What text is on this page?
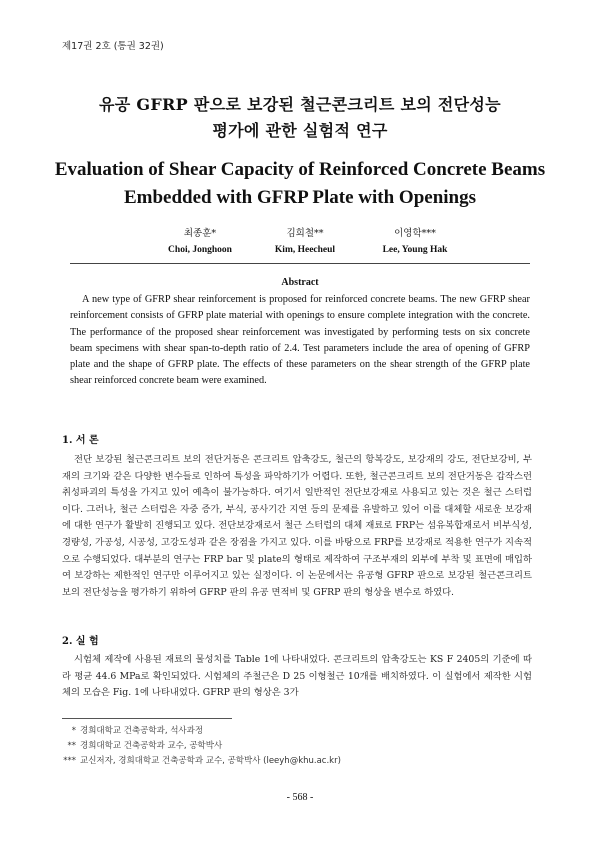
제17권 2호 (통권 32권)
유공 GFRP 판으로 보강된 철근콘크리트 보의 전단성능
평가에 관한 실험적 연구
Evaluation of Shear Capacity of Reinforced Concrete Beams
Embedded with GFRP Plate with Openings
최종훈*
Choi, Jonghoon
김희철**
Kim, Heecheul
이영학***
Lee, Young Hak
Abstract
A new type of GFRP shear reinforcement is proposed for reinforced concrete beams. The new GFRP shear reinforcement consists of GFRP plate material with openings to ensure complete integration with the concrete. The performance of the proposed shear reinforcement was investigated by performing tests on six concrete beam specimens with shear span-to-depth ratio of 2.4. Test parameters include the area of opening of GFRP plate and the shape of GFRP plate. The effects of these parameters on the shear strength of the GFRP plate shear reinforced concrete beam were examined.
1. 서 론
전단 보강된 철근콘크리트 보의 전단거동은 콘크리트 압축강도, 철근의 항복강도, 보강재의 강도, 전단보강비, 부재의 크기와 같은 다양한 변수들로 인하여 특성을 파악하기가 어렵다. 또한, 철근콘크리트 보의 전단거동은 갑작스런 취성파괴의 특성을 가지고 있어 예측이 불가능하다. 여기서 일반적인 전단보강재로 사용되고 있는 것은 철근 스터럽이다. 그러나, 철근 스터럽은 자중 증가, 부식, 공사기간 지연 등의 문제를 유발하고 있어 이를 대체할 새로운 보강재에 대한 연구가 활발히 진행되고 있다. 전단보강재로서 철근 스터럽의 대체 재료로 FRP는 섬유복합재로서 비부식성, 경량성, 가공성, 시공성, 고강도성과 같은 장점을 가지고 있다. 이를 바탕으로 FRP를 보강재로 적용한 연구가 지속적으로 수행되었다. 대부분의 연구는 FRP bar 및 plate의 형태로 제작하여 구조부재의 외부에 부착 및 표면에 매입하여 보강하는 제한적인 연구만 이루어지고 있는 실정이다. 이 논문에서는 유공형 GFRP 판으로 보강된 철근콘크리트 보의 전단성능을 평가하기 위하여 GFRP 판의 유공 면적비 및 GFRP 판의 형상을 변수로 하였다.
2. 실 험
시험체 제작에 사용된 재료의 물성치를 Table 1에 나타내었다. 콘크리트의 압축강도는 KS F 2405의 기준에 따라 평균 44.6 MPa로 확인되었다. 시험체의 주철근은 D 25 이형철근 10개를 배치하였다. 이 실험에서 제작한 시험체의 모습은 Fig. 1에 나타내었다. GFRP 판의 형상은 3가
* 경희대학교 건축공학과, 석사과정
** 경희대학교 건축공학과 교수, 공학박사
*** 교신저자, 경희대학교 건축공학과 교수, 공학박사 (leeyh@khu.ac.kr)
- 568 -
